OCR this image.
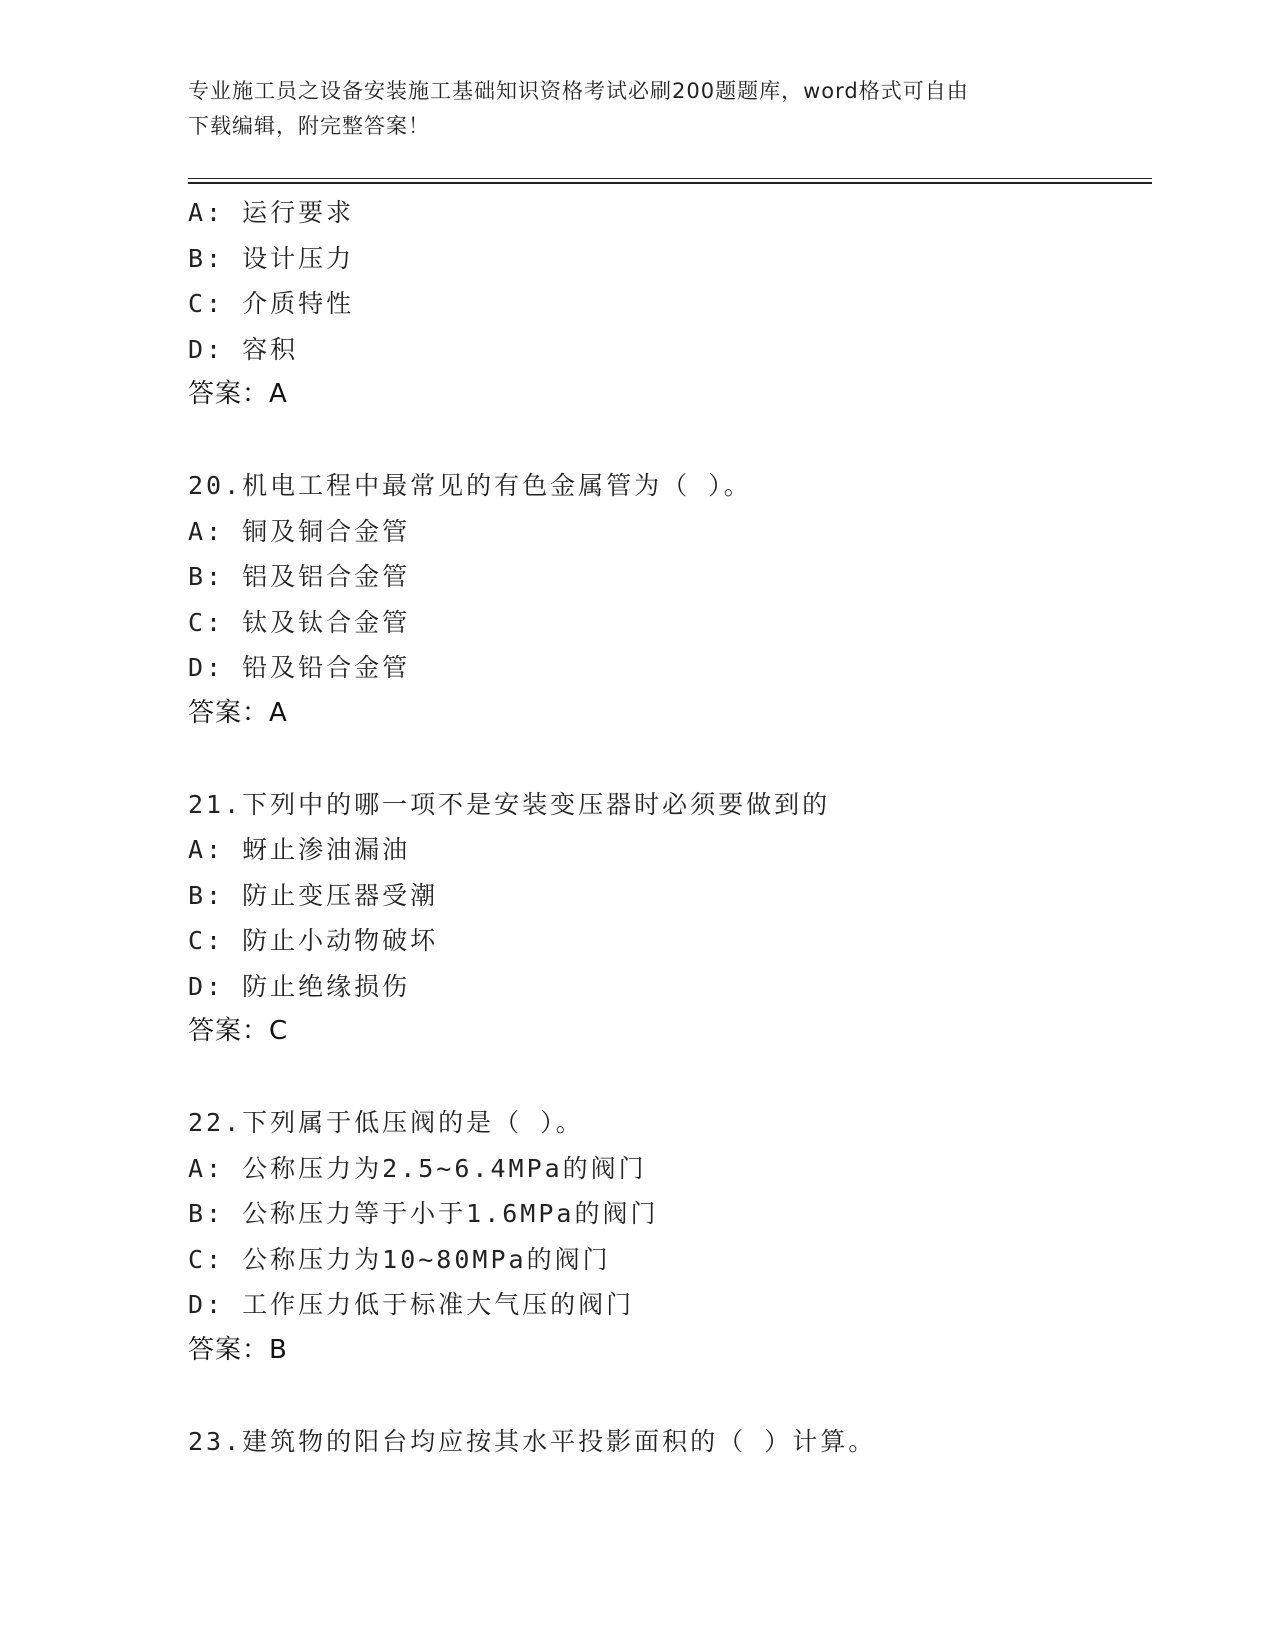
专业施工员之设备安装施工基础知识资格考试必刷200题题库，word格式可自由
下载编辑，附完整答案！
A: 运行要求
B: 设计压力
C: 介质特性
D: 容积
答案：A
20.机电工程中最常见的有色金属管为（ ）。
A: 铜及铜合金管
B: 铝及铝合金管
C: 钛及钛合金管
D: 铅及铅合金管
答案：A
21.下列中的哪一项不是安装变压器时必须要做到的
A: 蚜止渗油漏油
B: 防止变压器受潮
C: 防止小动物破坏
D: 防止绝缘损伤
答案：C
22.下列属于低压阀的是（ ）。
A: 公称压力为2.5~6.4MPa的阀门
B: 公称压力等于小于1.6MPa的阀门
C: 公称压力为10~80MPa的阀门
D: 工作压力低于标准大气压的阀门
答案：B
23.建筑物的阳台均应按其水平投影面积的（ ）计算。
